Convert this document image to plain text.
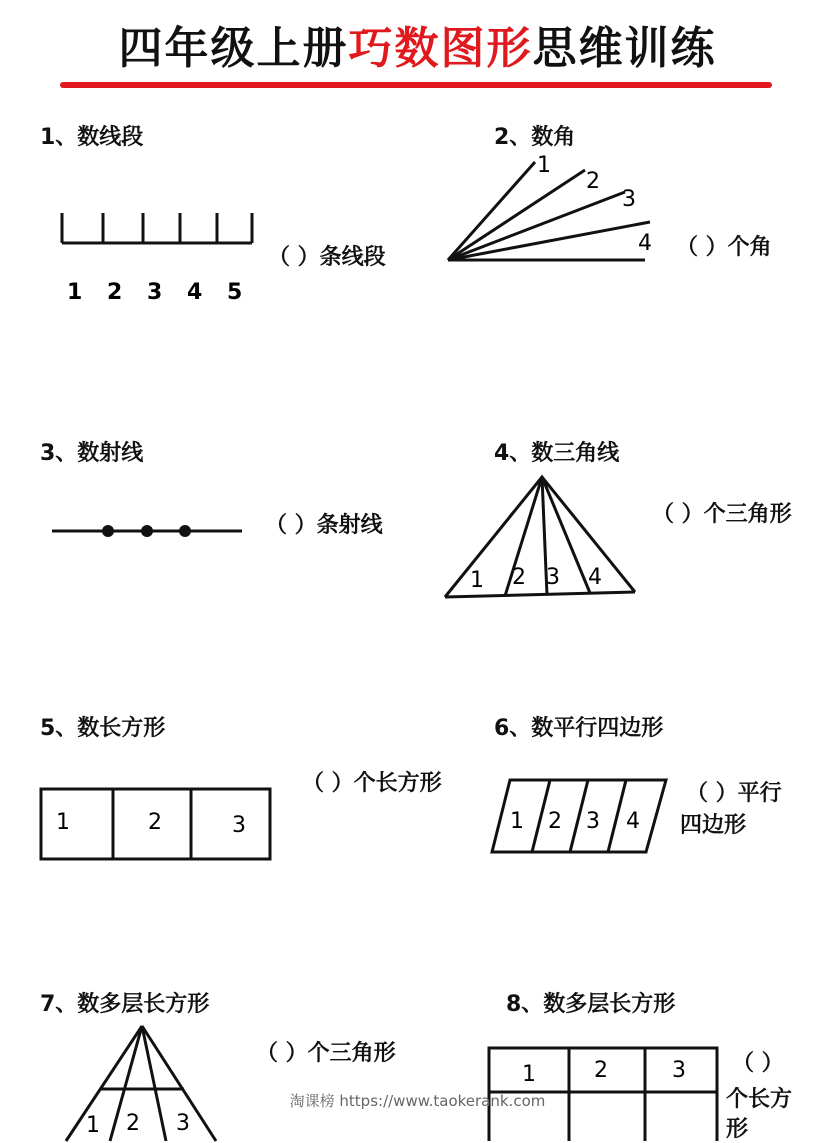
四年级上册巧数图形思维训练
1、数线段
1 2 3 4 5
（ ）条线段
2、数角
1
2
3
4 （ ）个角
3、数射线
（ ）条射线
4、数三角线
1 2 3 4
（ ）个三角形
5、数长方形
1	2	3
（ ）个长方形
6、数平行四边形
1 2 3 4
（ ）平行
四边形
7、数多层长方形
1 2 3
（ ）个三角形
8、数多层长方形
1	2	3 （ ）
个长方
形
淘课榜 https://www.taokerank.com
